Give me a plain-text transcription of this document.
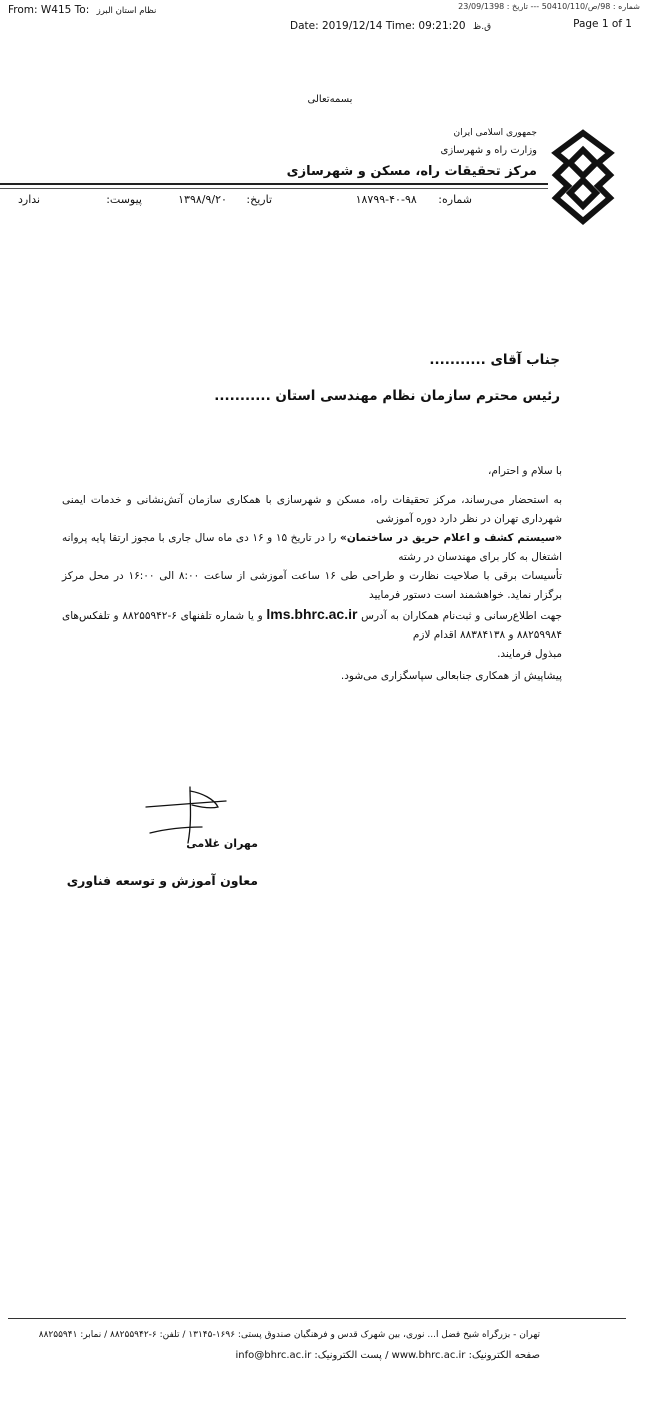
From: W415 To: نظام استان البرز
Date: 2019/12/14 Time: 09:21:20 ق.ظ
شماره : 98/ص/50410/110 --- تاریخ : 23/09/1398
Page 1 of 1
بسمه‌تعالی
جمهوری اسلامی ایران
وزارت راه و شهرسازی
مرکز تحقیقات راه، مسکن و شهرسازی
شماره: ۹۸-۴۰-۱۸۷۹۹
تاریخ: ۱۳۹۸/۹/۲۰
پیوست:
ندارد
جناب آقای ...........
رئیس محترم سازمان نظام مهندسی استان ...........
با سلام و احترام،

به استحضار می‌رساند، مرکز تحقیقات راه، مسکن و شهرسازی با همکاری سازمان آتش‌نشانی و خدمات ایمنی شهرداری تهران در نظر دارد دوره آموزشی

«سیستم کشف و اعلام حریق در ساختمان» را در تاریخ ۱۵ و ۱۶ دی ماه سال جاری با مجوز ارتقا پایه پروانه اشتغال به کار برای مهندسان در رشته

تأسیسات برقی با صلاحیت نظارت و طراحی طی ۱۶ ساعت آموزشی از ساعت ۸:۰۰ الی ۱۶:۰۰ در محل مرکز برگزار نماید. خواهشمند است دستور فرمایید

جهت اطلاع‌رسانی و ثبت‌نام همکاران به آدرس lms.bhrc.ac.ir و یا شماره تلفنهای ۶-۸۸۲۵۵۹۴۲ و تلفکس‌های ۸۸۲۵۹۹۸۴ و ۸۸۳۸۴۱۳۸ اقدام لازم

مبذول فرمایند.

پیشاپیش از همکاری جنابعالی سپاسگزاری می‌شود.
مهران غلامی
معاون آموزش و توسعه فناوری
تهران - بزرگراه شیخ فضل ا... نوری، بین شهرک قدس و فرهنگیان صندوق پستی: ۱۶۹۶-۱۳۱۴۵ / تلفن: ۶-۸۸۲۵۵۹۴۲ / نمابر: ۸۸۲۵۵۹۴۱
صفحه الکترونیک: www.bhrc.ac.ir / پست الکترونیک: info@bhrc.ac.ir
